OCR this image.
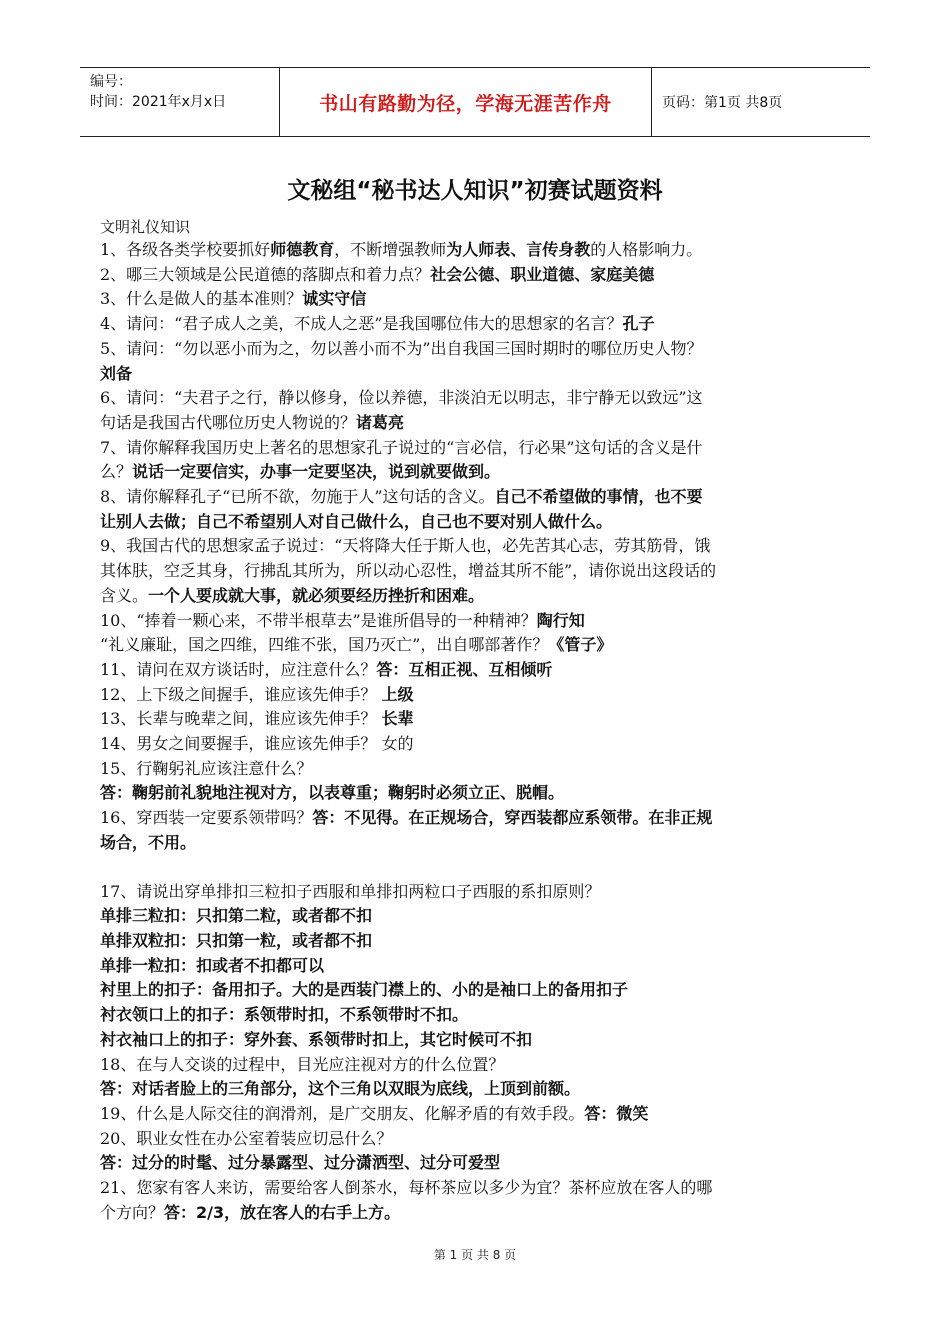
编号：
时间：2021年x月x日	书山有路勤为径，学海无涯苦作舟	页码：第1页 共8页
文秘组“秘书达人知识”初赛试题资料
文明礼仪知识
1、各级各类学校要抓好师德教育，不断增强教师为人师表、言传身教的人格影响力。
2、哪三大领域是公民道德的落脚点和着力点？社会公德、职业道德、家庭美德
3、什么是做人的基本准则？诚实守信
4、请问：“君子成人之美，不成人之恶”是我国哪位伟大的思想家的名言？孔子
5、请问：“勿以恶小而为之，勿以善小而不为”出自我国三国时期时的哪位历史人物？
刘备
6、请问：“夫君子之行，静以修身，俭以养德，非淡泊无以明志，非宁静无以致远”这
句话是我国古代哪位历史人物说的？诸葛亮
7、请你解释我国历史上著名的思想家孔子说过的“言必信，行必果”这句话的含义是什
么？说话一定要信实，办事一定要坚决，说到就要做到。
8、请你解释孔子“已所不欲，勿施于人”这句话的含义。自己不希望做的事情，也不要
让别人去做；自己不希望别人对自己做什么，自己也不要对别人做什么。
9、我国古代的思想家孟子说过：“天将降大任于斯人也，必先苦其心志，劳其筋骨，饿
其体肤，空乏其身，行拂乱其所为，所以动心忍性，增益其所不能”，请你说出这段话的
含义。一个人要成就大事，就必须要经历挫折和困难。
10、“捧着一颗心来，不带半根草去”是谁所倡导的一种精神？陶行知
“礼义廉耻，国之四维，四维不张，国乃灭亡”，出自哪部著作？《管子》
11、请问在双方谈话时，应注意什么？答：互相正视、互相倾听
12、上下级之间握手，谁应该先伸手？ 上级
13、长辈与晚辈之间，谁应该先伸手？ 长辈
14、男女之间要握手，谁应该先伸手？ 女的
15、行鞠躬礼应该注意什么？
答：鞠躬前礼貌地注视对方，以表尊重；鞠躬时必须立正、脱帽。
16、穿西装一定要系领带吗？答：不见得。在正规场合，穿西装都应系领带。在非正规
场合，不用。
17、请说出穿单排扣三粒扣子西服和单排扣两粒口子西服的系扣原则？
单排三粒扣：只扣第二粒，或者都不扣
单排双粒扣：只扣第一粒，或者都不扣
单排一粒扣：扣或者不扣都可以
衬里上的扣子：备用扣子。大的是西装门襟上的、小的是袖口上的备用扣子
衬衣领口上的扣子：系领带时扣，不系领带时不扣。
衬衣袖口上的扣子：穿外套、系领带时扣上，其它时候可不扣
18、在与人交谈的过程中，目光应注视对方的什么位置？
答：对话者脸上的三角部分，这个三角以双眼为底线，上顶到前额。
19、什么是人际交往的润滑剂，是广交朋友、化解矛盾的有效手段。答：微笑
20、职业女性在办公室着装应切忌什么？
答：过分的时髦、过分暴露型、过分潇洒型、过分可爱型
21、您家有客人来访，需要给客人倒茶水，每杯茶应以多少为宜？茶杯应放在客人的哪
个方向？答：2/3，放在客人的右手上方。
第 1 页 共 8 页
